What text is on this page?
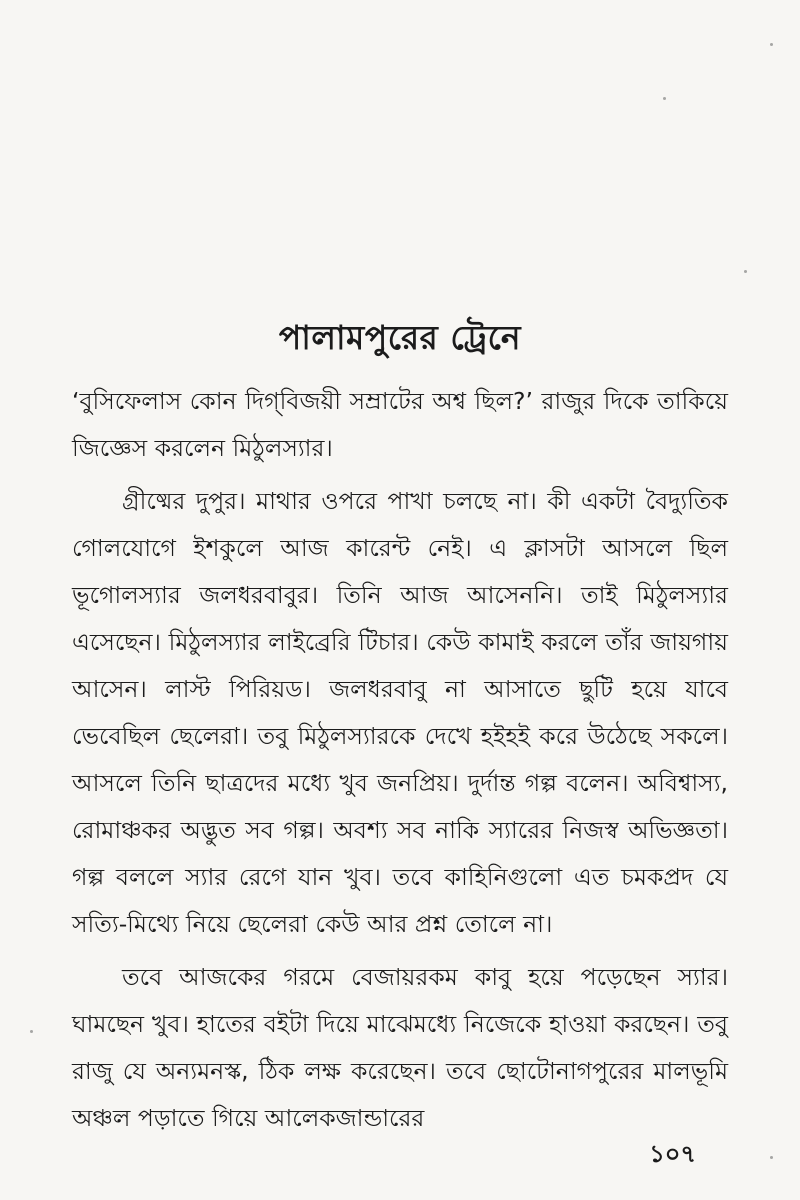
পালামপুরের ট্রেনে

‘বুসিফেলাস কোন দিগ্‌বিজয়ী সম্রাটের অশ্ব ছিল?’ রাজুর দিকে তাকিয়ে জিজ্ঞেস করলেন মিঠুলস্যার।

গ্রীষ্মের দুপুর। মাথার ওপরে পাখা চলছে না। কী একটা বৈদ্যুতিক গোলযোগে ইশকুলে আজ কারেন্ট নেই। এ ক্লাসটা আসলে ছিল ভূগোলস্যার জলধরবাবুর। তিনি আজ আসেননি। তাই মিঠুলস্যার এসেছেন। মিঠুলস্যার লাইব্রেরি টিচার। কেউ কামাই করলে তাঁর জায়গায় আসেন। লাস্ট পিরিয়ড। জলধরবাবু না আসাতে ছুটি হয়ে যাবে ভেবেছিল ছেলেরা। তবু মিঠুলস্যারকে দেখে হইহই করে উঠেছে সকলে। আসলে তিনি ছাত্রদের মধ্যে খুব জনপ্রিয়। দুর্দান্ত গল্প বলেন। অবিশ্বাস্য, রোমাঞ্চকর অদ্ভুত সব গল্প। অবশ্য সব নাকি স্যারের নিজস্ব অভিজ্ঞতা। গল্প বললে স্যার রেগে যান খুব। তবে কাহিনিগুলো এত চমকপ্রদ যে সত্যি-মিথ্যে নিয়ে ছেলেরা কেউ আর প্রশ্ন তোলে না।

তবে আজকের গরমে বেজায়রকম কাবু হয়ে পড়েছেন স্যার। ঘামছেন খুব। হাতের বইটা দিয়ে মাঝেমধ্যে নিজেকে হাওয়া করছেন। তবু রাজু যে অন্যমনস্ক, ঠিক লক্ষ করেছেন। তবে ছোটোনাগপুরের মালভূমি অঞ্চল পড়াতে গিয়ে আলেকজান্ডারের

১০৭
